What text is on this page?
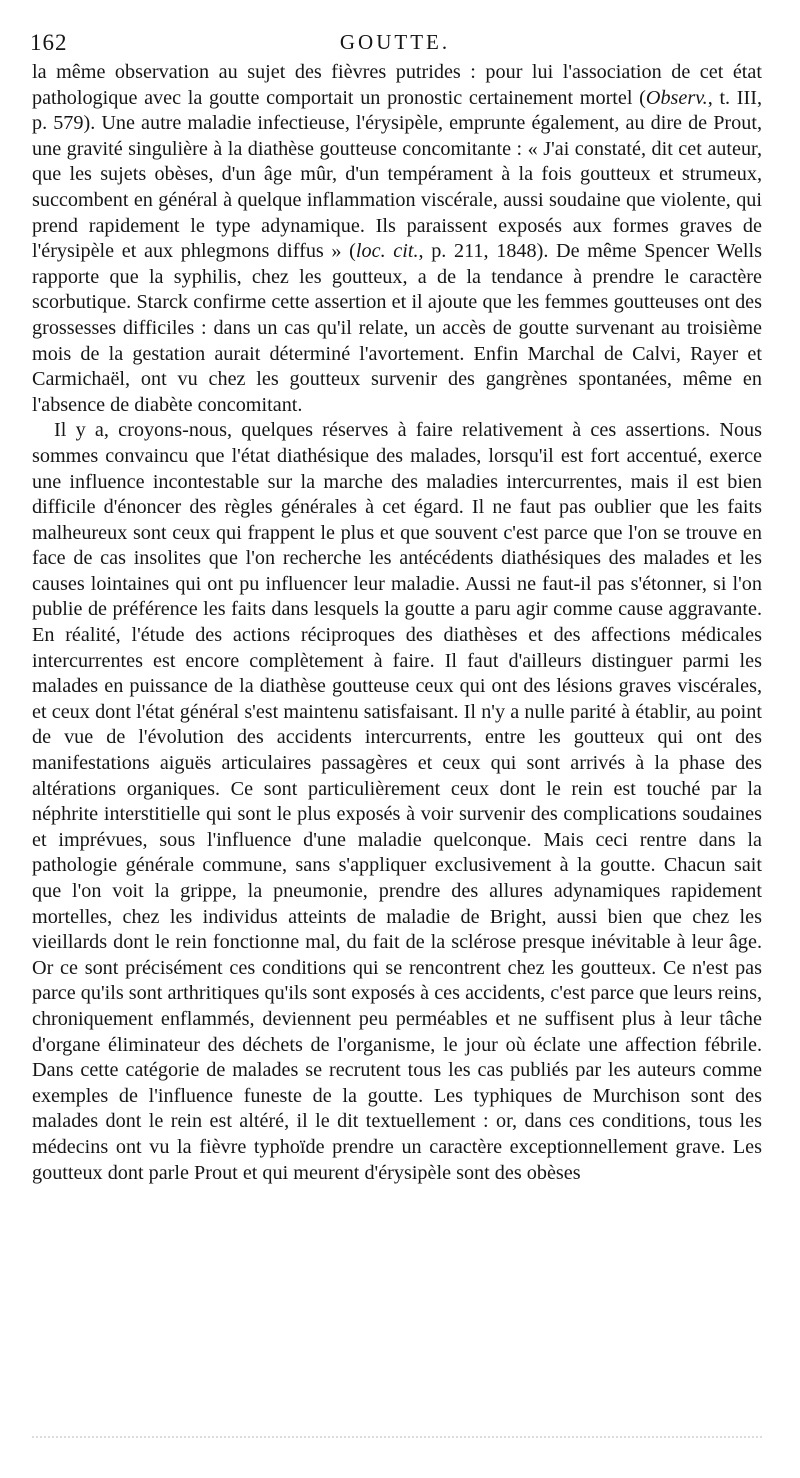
162	GOUTTE.

la même observation au sujet des fièvres putrides : pour lui l'association de cet état pathologique avec la goutte comportait un pronostic certainement mortel (Observ., t. III, p. 579). Une autre maladie infectieuse, l'érysipèle, emprunte également, au dire de Prout, une gravité singulière à la diathèse goutteuse concomitante : « J'ai constaté, dit cet auteur, que les sujets obèses, d'un âge mûr, d'un tempérament à la fois goutteux et strumeux, succombent en général à quelque inflammation viscérale, aussi soudaine que violente, qui prend rapidement le type adynamique. Ils paraissent exposés aux formes graves de l'érysipèle et aux phlegmons diffus » (loc. cit., p. 211, 1848). De même Spencer Wells rapporte que la syphilis, chez les goutteux, a de la tendance à prendre le caractère scorbutique. Starck confirme cette assertion et il ajoute que les femmes goutteuses ont des grossesses difficiles : dans un cas qu'il relate, un accès de goutte survenant au troisième mois de la gestation aurait déterminé l'avortement. Enfin Marchal de Calvi, Rayer et Carmichaël, ont vu chez les goutteux survenir des gangrènes spontanées, même en l'absence de diabète concomitant.

Il y a, croyons-nous, quelques réserves à faire relativement à ces assertions. Nous sommes convaincu que l'état diathésique des malades, lorsqu'il est fort accentué, exerce une influence incontestable sur la marche des maladies intercurrentes, mais il est bien difficile d'énoncer des règles générales à cet égard. Il ne faut pas oublier que les faits malheureux sont ceux qui frappent le plus et que souvent c'est parce que l'on se trouve en face de cas insolites que l'on recherche les antécédents diathésiques des malades et les causes lointaines qui ont pu influencer leur maladie. Aussi ne faut-il pas s'étonner, si l'on publie de préférence les faits dans lesquels la goutte a paru agir comme cause aggravante. En réalité, l'étude des actions réciproques des diathèses et des affections médicales intercurrentes est encore complètement à faire. Il faut d'ailleurs distinguer parmi les malades en puissance de la diathèse goutteuse ceux qui ont des lésions graves viscérales, et ceux dont l'état général s'est maintenu satisfaisant. Il n'y a nulle parité à établir, au point de vue de l'évolution des accidents intercurrents, entre les goutteux qui ont des manifestations aiguës articulaires passagères et ceux qui sont arrivés à la phase des altérations organiques. Ce sont particulièrement ceux dont le rein est touché par la néphrite interstitielle qui sont le plus exposés à voir survenir des complications soudaines et imprévues, sous l'influence d'une maladie quelconque. Mais ceci rentre dans la pathologie générale commune, sans s'appliquer exclusivement à la goutte. Chacun sait que l'on voit la grippe, la pneumonie, prendre des allures adynamiques rapidement mortelles, chez les individus atteints de maladie de Bright, aussi bien que chez les vieillards dont le rein fonctionne mal, du fait de la sclérose presque inévitable à leur âge. Or ce sont précisément ces conditions qui se rencontrent chez les goutteux. Ce n'est pas parce qu'ils sont arthritiques qu'ils sont exposés à ces accidents, c'est parce que leurs reins, chroniquement enflammés, deviennent peu perméables et ne suffisent plus à leur tâche d'organe éliminateur des déchets de l'organisme, le jour où éclate une affection fébrile. Dans cette catégorie de malades se recrutent tous les cas publiés par les auteurs comme exemples de l'influence funeste de la goutte. Les typhiques de Murchison sont des malades dont le rein est altéré, il le dit textuellement : or, dans ces conditions, tous les médecins ont vu la fièvre typhoïde prendre un caractère exceptionnellement grave. Les goutteux dont parle Prout et qui meurent d'érysipèle sont des obèses
